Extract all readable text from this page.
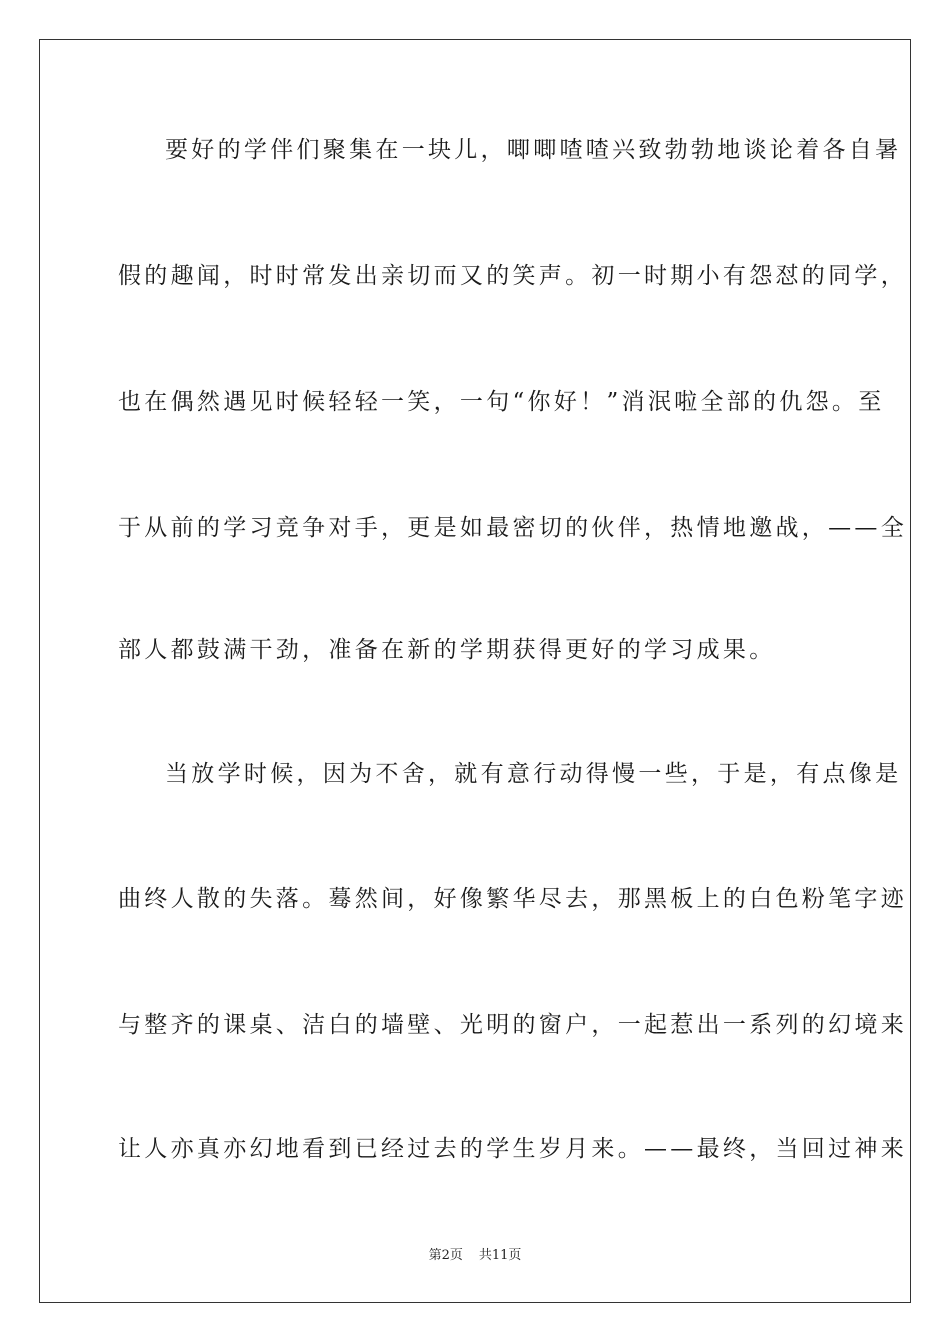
要好的学伴们聚集在一块儿，唧唧喳喳兴致勃勃地谈论着各自暑
假的趣闻，时时常发出亲切而又的笑声。初一时期小有怨怼的同学，
也在偶然遇见时候轻轻一笑，一句“你好！”消泯啦全部的仇怨。至
于从前的学习竞争对手，更是如最密切的伙伴，热情地邀战，——全
部人都鼓满干劲，准备在新的学期获得更好的学习成果。
当放学时候，因为不舍，就有意行动得慢一些，于是，有点像是
曲终人散的失落。蓦然间，好像繁华尽去，那黑板上的白色粉笔字迹
与整齐的课桌、洁白的墙壁、光明的窗户，一起惹出一系列的幻境来
让人亦真亦幻地看到已经过去的学生岁月来。——最终，当回过神来
第2页 共11页
